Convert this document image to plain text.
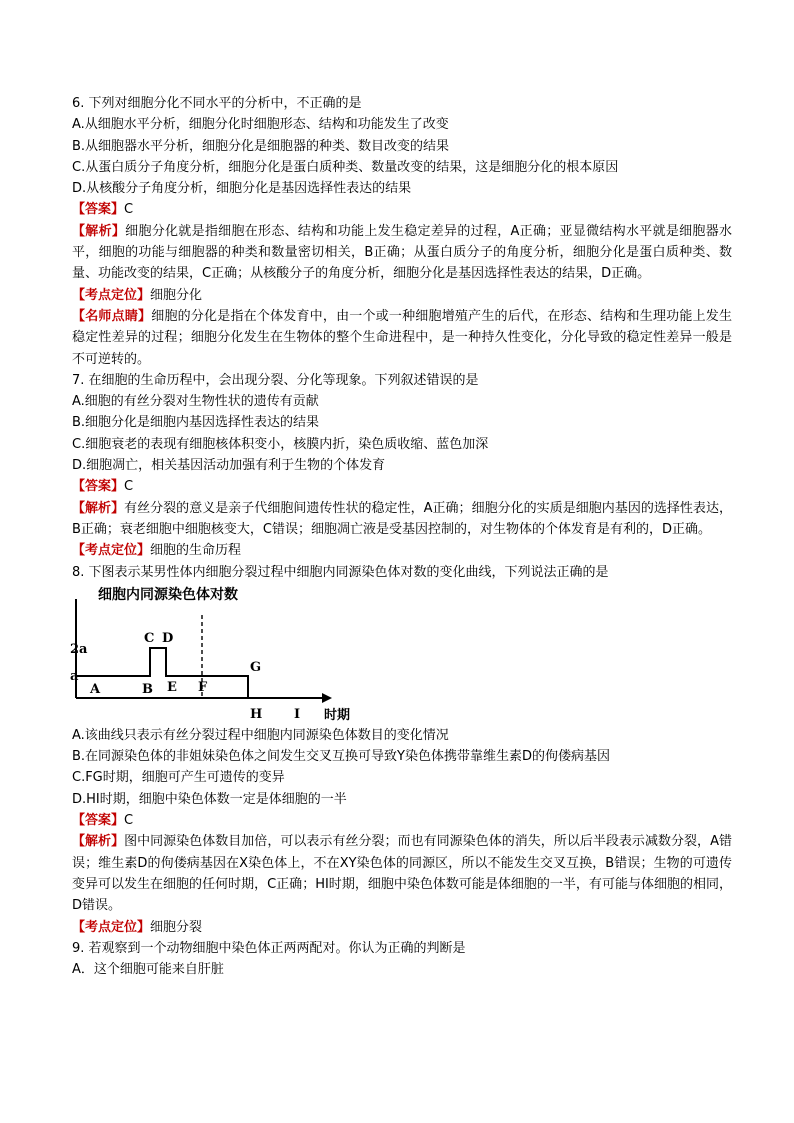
6. 下列对细胞分化不同水平的分析中，不正确的是
A.从细胞水平分析，细胞分化时细胞形态、结构和功能发生了改变
B.从细胞器水平分析，细胞分化是细胞器的种类、数目改变的结果
C.从蛋白质分子角度分析，细胞分化是蛋白质种类、数量改变的结果，这是细胞分化的根本原因
D.从核酸分子角度分析，细胞分化是基因选择性表达的结果
【答案】C
【解析】细胞分化就是指细胞在形态、结构和功能上发生稳定差异的过程，A正确；亚显微结构水平就是细胞器水平，细胞的功能与细胞器的种类和数量密切相关，B正确；从蛋白质分子的角度分析，细胞分化是蛋白质种类、数量、功能改变的结果，C正确；从核酸分子的角度分析，细胞分化是基因选择性表达的结果，D正确。
【考点定位】细胞分化
【名师点睛】细胞的分化是指在个体发育中，由一个或一种细胞增殖产生的后代，在形态、结构和生理功能上发生稳定性差异的过程；细胞分化发生在生物体的整个生命进程中，是一种持久性变化，分化导致的稳定性差异一般是不可逆转的。
7. 在细胞的生命历程中，会出现分裂、分化等现象。下列叙述错误的是
A.细胞的有丝分裂对生物性状的遗传有贡献
B.细胞分化是细胞内基因选择性表达的结果
C.细胞衰老的表现有细胞核体积变小，核膜内折，染色质收缩、蓝色加深
D.细胞凋亡，相关基因活动加强有利于生物的个体发育
【答案】C
【解析】有丝分裂的意义是亲子代细胞间遗传性状的稳定性，A正确；细胞分化的实质是细胞内基因的选择性表达，B正确；衰老细胞中细胞核变大，C错误；细胞凋亡液是受基因控制的，对生物体的个体发育是有利的，D正确。
【考点定位】细胞的生命历程
8. 下图表示某男性体内细胞分裂过程中细胞内同源染色体对数的变化曲线，下列说法正确的是
细胞内同源染色体对数
2a
a
A	B
C D
E F
G
H I 时期
A.该曲线只表示有丝分裂过程中细胞内同源染色体数目的变化情况
B.在同源染色体的非姐妹染色体之间发生交叉互换可导致Y染色体携带靠维生素D的佝偻病基因
C.FG时期，细胞可产生可遗传的变异
D.HI时期，细胞中染色体数一定是体细胞的一半
【答案】C
【解析】图中同源染色体数目加倍，可以表示有丝分裂；而也有同源染色体的消失，所以后半段表示减数分裂，A错误；维生素D的佝偻病基因在X染色体上，不在XY染色体的同源区，所以不能发生交叉互换，B错误；生物的可遗传变异可以发生在细胞的任何时期，C正确；HI时期，细胞中染色体数可能是体细胞的一半，有可能与体细胞的相同，D错误。
【考点定位】细胞分裂
9. 若观察到一个动物细胞中染色体正两两配对。你认为正确的判断是
A．这个细胞可能来自肝脏
